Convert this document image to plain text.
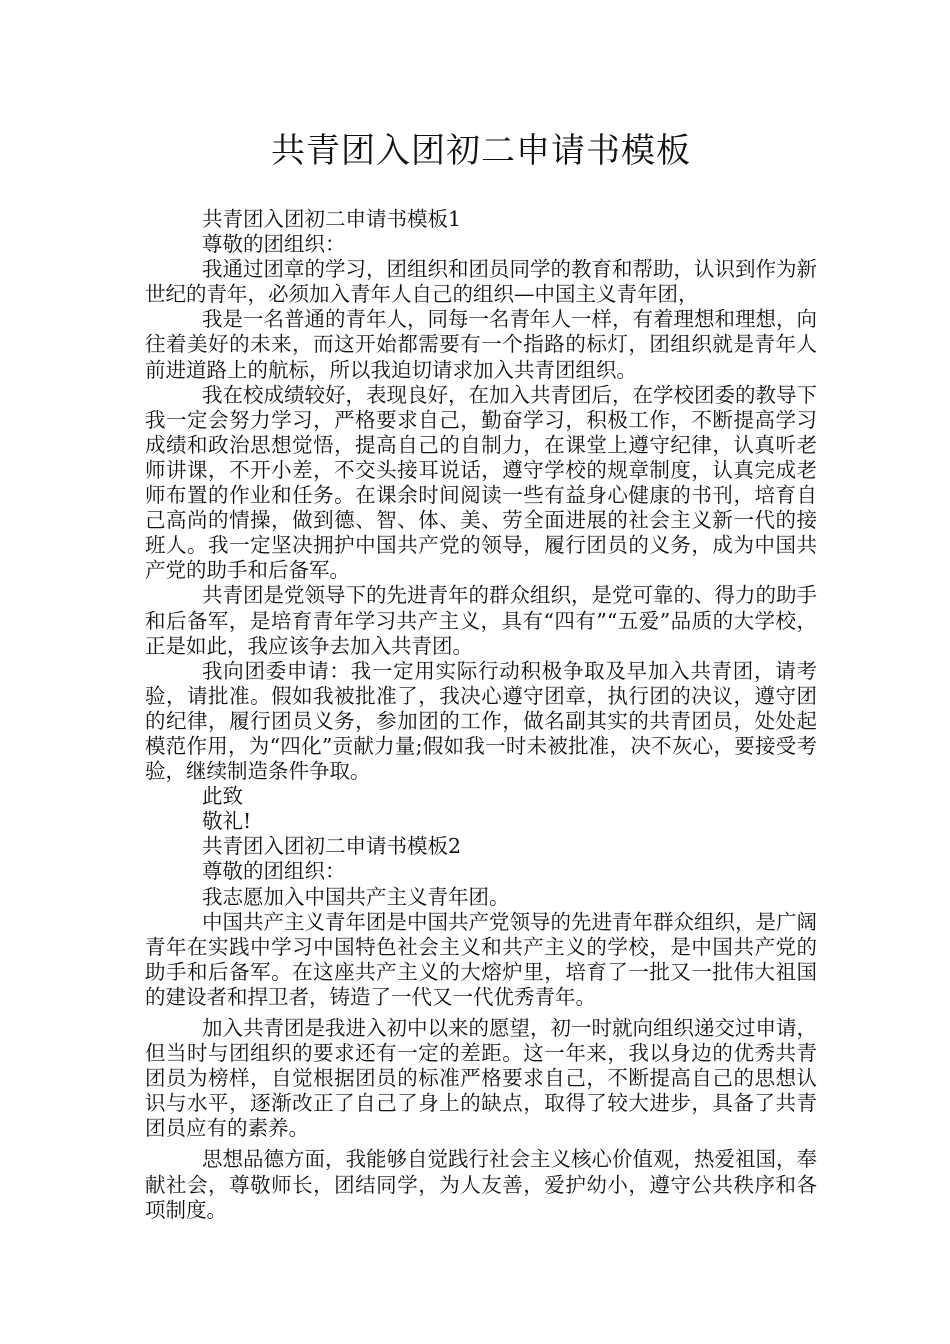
共青团入团初二申请书模板

共青团入团初二申请书模板1

尊敬的团组织：

我通过团章的学习，团组织和团员同学的教育和帮助，认识到作为新世纪的青年，必须加入青年人自己的组织—中国主义青年团，

我是一名普通的青年人，同每一名青年人一样，有着理想和理想，向往着美好的未来，而这开始都需要有一个指路的标灯，团组织就是青年人前进道路上的航标，所以我迫切请求加入共青团组织。

我在校成绩较好，表现良好，在加入共青团后，在学校团委的教导下我一定会努力学习，严格要求自己，勤奋学习，积极工作，不断提高学习成绩和政治思想觉悟，提高自己的自制力，在课堂上遵守纪律，认真听老师讲课，不开小差，不交头接耳说话，遵守学校的规章制度，认真完成老师布置的作业和任务。在课余时间阅读一些有益身心健康的书刊，培育自己高尚的情操，做到德、智、体、美、劳全面进展的社会主义新一代的接班人。我一定坚决拥护中国共产党的领导，履行团员的义务，成为中国共产党的助手和后备军。

共青团是党领导下的先进青年的群众组织，是党可靠的、得力的助手和后备军，是培育青年学习共产主义，具有“四有”“五爱”品质的大学校，正是如此，我应该争去加入共青团。

我向团委申请：我一定用实际行动积极争取及早加入共青团，请考验，请批准。假如我被批准了，我决心遵守团章，执行团的决议，遵守团的纪律，履行团员义务，参加团的工作，做名副其实的共青团员，处处起模范作用，为“四化”贡献力量;假如我一时未被批准，决不灰心，要接受考验，继续制造条件争取。

此致

敬礼!

共青团入团初二申请书模板2

尊敬的团组织：

我志愿加入中国共产主义青年团。

中国共产主义青年团是中国共产党领导的先进青年群众组织，是广阔青年在实践中学习中国特色社会主义和共产主义的学校，是中国共产党的助手和后备军。在这座共产主义的大熔炉里，培育了一批又一批伟大祖国的建设者和捍卫者，铸造了一代又一代优秀青年。

加入共青团是我进入初中以来的愿望，初一时就向组织递交过申请，但当时与团组织的要求还有一定的差距。这一年来，我以身边的优秀共青团员为榜样，自觉根据团员的标准严格要求自己，不断提高自己的思想认识与水平，逐渐改正了自己了身上的缺点，取得了较大进步，具备了共青团员应有的素养。

思想品德方面，我能够自觉践行社会主义核心价值观，热爱祖国，奉献社会，尊敬师长，团结同学，为人友善，爱护幼小，遵守公共秩序和各项制度。
